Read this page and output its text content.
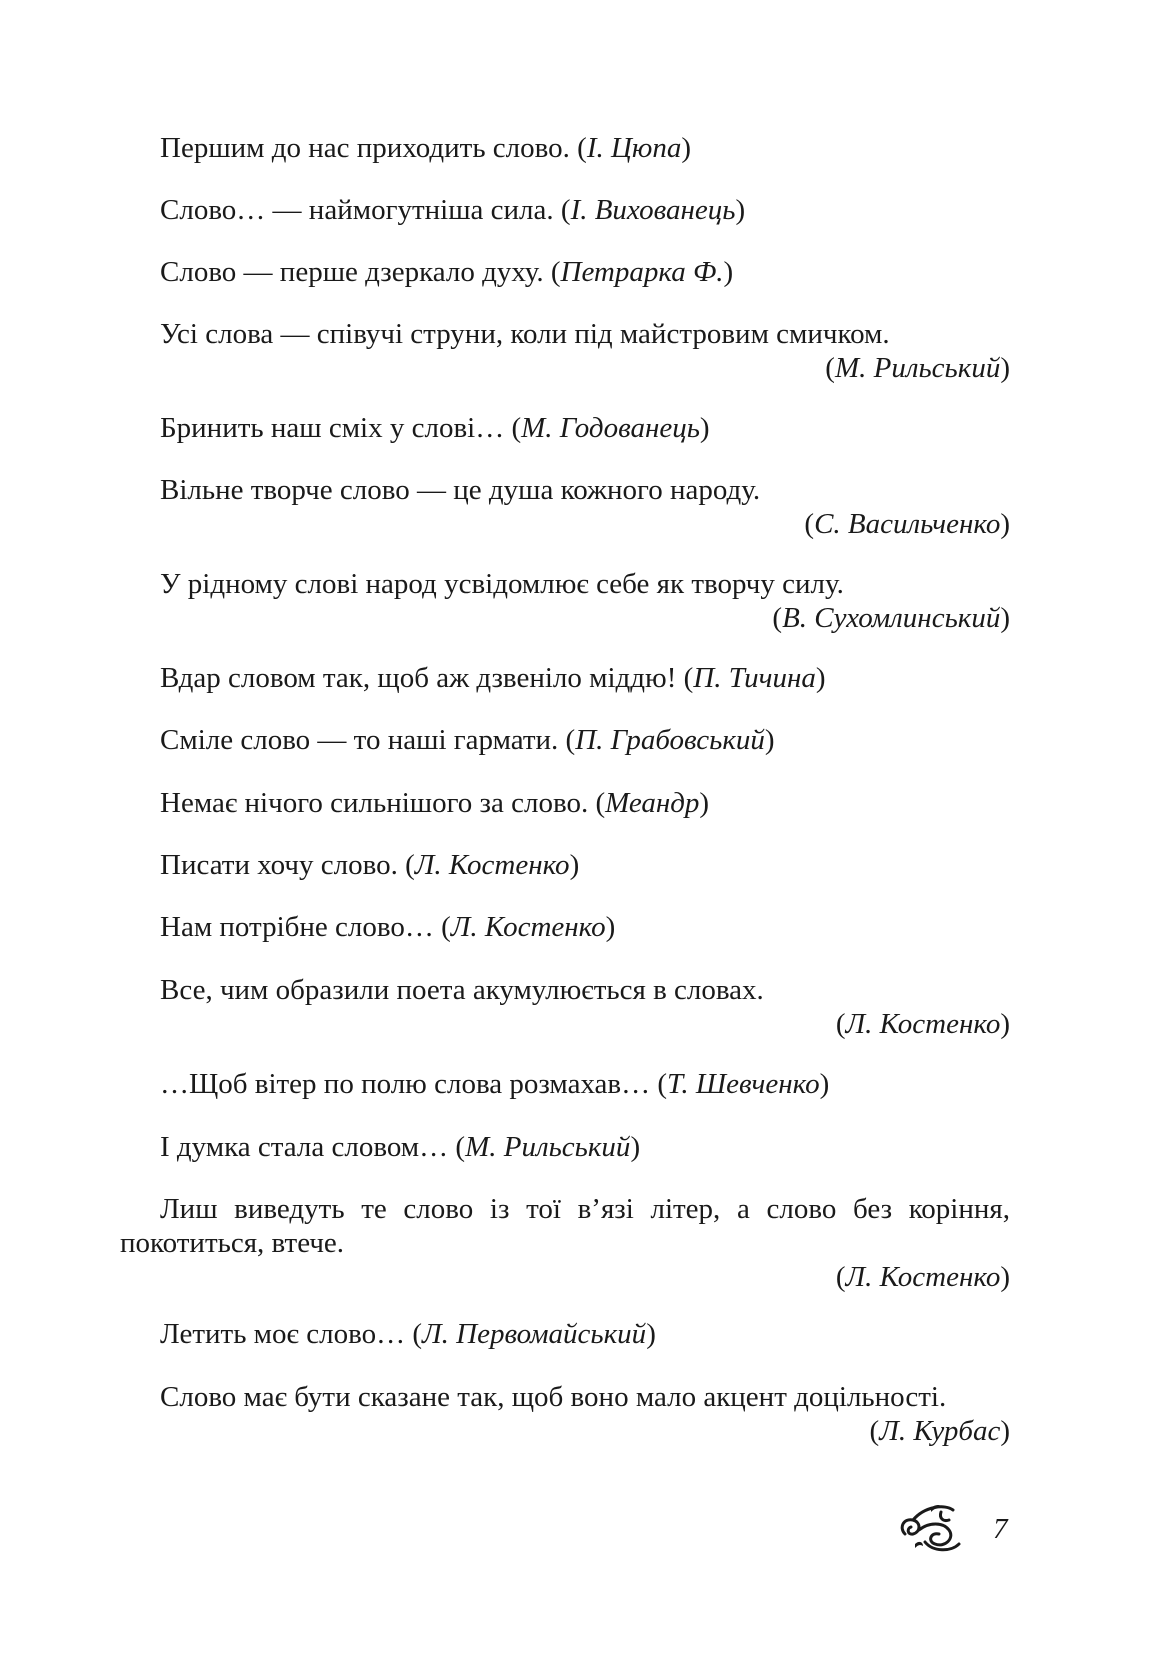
Першим до нас приходить слово. (І. Цюпа)
Слово… — наймогутніша сила. (І. Вихованець)
Слово — перше дзеркало духу. (Петрарка Ф.)
Усі слова — співучі струни, коли під майстровим смичком.
(М. Рильський)
Бринить наш сміх у слові… (М. Годованець)
Вільне творче слово — це душа кожного народу.
(С. Васильченко)
У рідному слові народ усвідомлює себе як творчу силу.
(В. Сухомлинський)
Вдар словом так, щоб аж дзвеніло міддю! (П. Тичина)
Сміле слово — то наші гармати. (П. Грабовський)
Немає нічого сильнішого за слово. (Меандр)
Писати хочу слово. (Л. Костенко)
Нам потрібне слово… (Л. Костенко)
Все, чим образили поета акумулюється в словах.
(Л. Костенко)
…Щоб вітер по полю слова розмахав… (Т. Шевченко)
І думка стала словом… (М. Рильський)
Лиш виведуть те слово із тої в’язі літер, а слово без коріння,
покотиться, втече.
(Л. Костенко)
Летить моє слово… (Л. Первомайський)
Слово має бути сказане так, щоб воно мало акцент доцільності.
(Л. Курбас)
7
